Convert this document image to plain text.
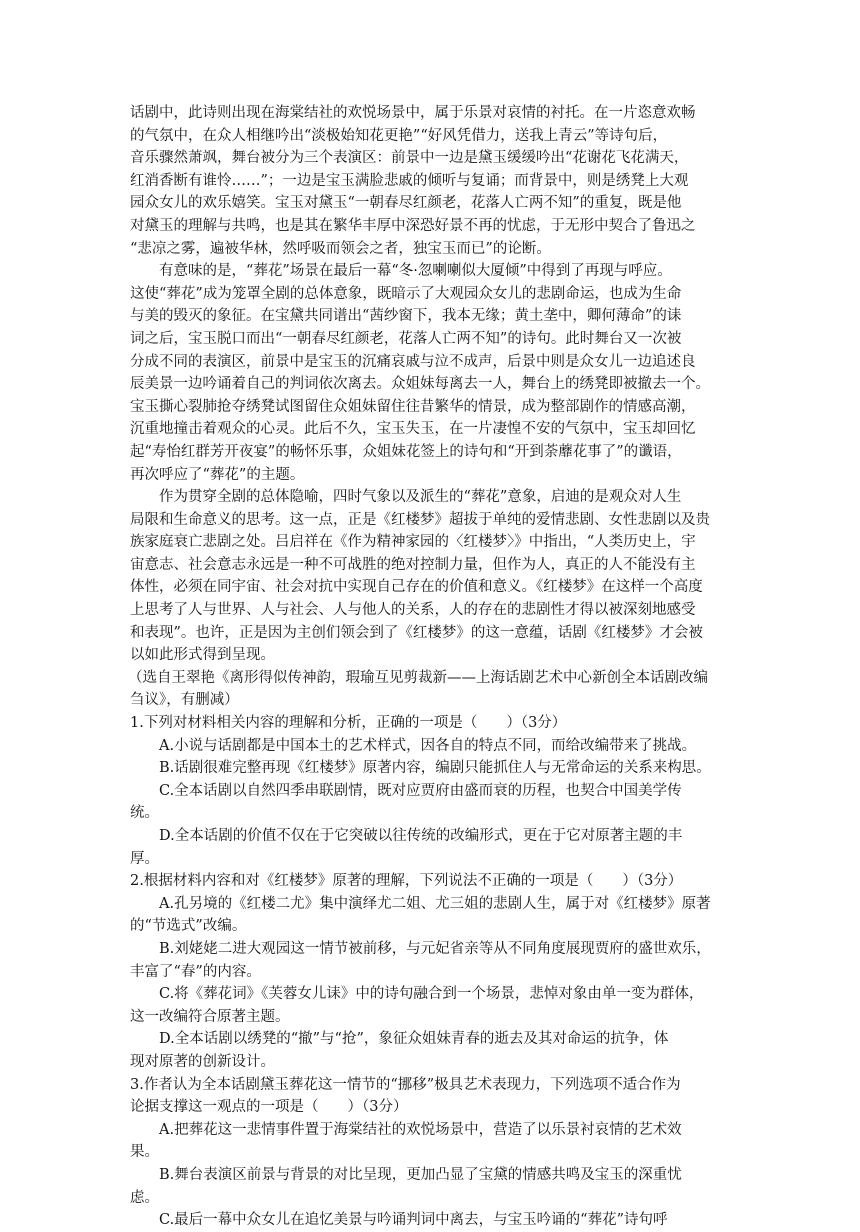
话剧中，此诗则出现在海棠结社的欢悦场景中，属于乐景对哀情的衬托。在一片恣意欢畅
的气氛中，在众人相继吟出“淡极始知花更艳”“好风凭借力，送我上青云”等诗句后，
音乐骤然萧飒，舞台被分为三个表演区：前景中一边是黛玉缓缓吟出“花谢花飞花满天，
红消香断有谁怜……”；一边是宝玉满脸悲戚的倾听与复诵；而背景中，则是绣凳上大观
园众女儿的欢乐嬉笑。宝玉对黛玉“一朝春尽红颜老，花落人亡两不知”的重复，既是他
对黛玉的理解与共鸣，也是其在繁华丰厚中深恐好景不再的忧虑，于无形中契合了鲁迅之
“悲凉之雾，遍被华林，然呼吸而领会之者，独宝玉而已”的论断。
有意味的是，“葬花”场景在最后一幕“冬·忽喇喇似大厦倾”中得到了再现与呼应。
这使“葬花”成为笼罩全剧的总体意象，既暗示了大观园众女儿的悲剧命运，也成为生命
与美的毁灭的象征。在宝黛共同谱出“茜纱窗下，我本无缘；黄土垄中，卿何薄命”的诔
词之后，宝玉脱口而出“一朝春尽红颜老，花落人亡两不知”的诗句。此时舞台又一次被
分成不同的表演区，前景中是宝玉的沉痛哀戚与泣不成声，后景中则是众女儿一边追述良
辰美景一边吟诵着自己的判词依次离去。众姐妹每离去一人，舞台上的绣凳即被撤去一个。
宝玉撕心裂肺抢夺绣凳试图留住众姐妹留住往昔繁华的情景，成为整部剧作的情感高潮，
沉重地撞击着观众的心灵。此后不久，宝玉失玉，在一片凄惶不安的气氛中，宝玉却回忆
起“寿怡红群芳开夜宴”的畅怀乐事，众姐妹花签上的诗句和“开到荼蘼花事了”的谶语，
再次呼应了“葬花”的主题。
作为贯穿全剧的总体隐喻，四时气象以及派生的“葬花”意象，启迪的是观众对人生
局限和生命意义的思考。这一点，正是《红楼梦》超拔于单纯的爱情悲剧、女性悲剧以及贵
族家庭衰亡悲剧之处。吕启祥在《作为精神家园的〈红楼梦〉》中指出，“人类历史上，宇
宙意志、社会意志永远是一种不可战胜的绝对控制力量，但作为人，真正的人不能没有主
体性，必须在同宇宙、社会对抗中实现自己存在的价值和意义。《红楼梦》在这样一个高度
上思考了人与世界、人与社会、人与他人的关系，人的存在的悲剧性才得以被深刻地感受
和表现”。也许，正是因为主创们领会到了《红楼梦》的这一意蕴，话剧《红楼梦》才会被
以如此形式得到呈现。
（选自王翠艳《离形得似传神韵，瑕瑜互见剪裁新——上海话剧艺术中心新创全本话剧改编
刍议》，有删减）
1.下列对材料相关内容的理解和分析，正确的一项是（　　）（3分）
A.小说与话剧都是中国本土的艺术样式，因各自的特点不同，而给改编带来了挑战。
B.话剧很难完整再现《红楼梦》原著内容，编剧只能抓住人与无常命运的关系来构思。
C.全本话剧以自然四季串联剧情，既对应贾府由盛而衰的历程，也契合中国美学传
统。
D.全本话剧的价值不仅在于它突破以往传统的改编形式，更在于它对原著主题的丰
厚。
2.根据材料内容和对《红楼梦》原著的理解，下列说法不正确的一项是（　　）（3分）
A.孔另境的《红楼二尤》集中演绎尤二姐、尤三姐的悲剧人生，属于对《红楼梦》原著
的“节选式”改编。
B.刘姥姥二进大观园这一情节被前移，与元妃省亲等从不同角度展现贾府的盛世欢乐，
丰富了“春”的内容。
C.将《葬花词》《芙蓉女儿诔》中的诗句融合到一个场景，悲悼对象由单一变为群体，
这一改编符合原著主题。
D.全本话剧以绣凳的“撤”与“抢”，象征众姐妹青春的逝去及其对命运的抗争，体
现对原著的创新设计。
3.作者认为全本话剧黛玉葬花这一情节的“挪移”极具艺术表现力，下列选项不适合作为
论据支撑这一观点的一项是（　　）（3分）
A.把葬花这一悲情事件置于海棠结社的欢悦场景中，营造了以乐景衬哀情的艺术效
果。
B.舞台表演区前景与背景的对比呈现，更加凸显了宝黛的情感共鸣及宝玉的深重忧
虑。
C.最后一幕中众女儿在追忆美景与吟诵判词中离去，与宝玉吟诵的“葬花”诗句呼
